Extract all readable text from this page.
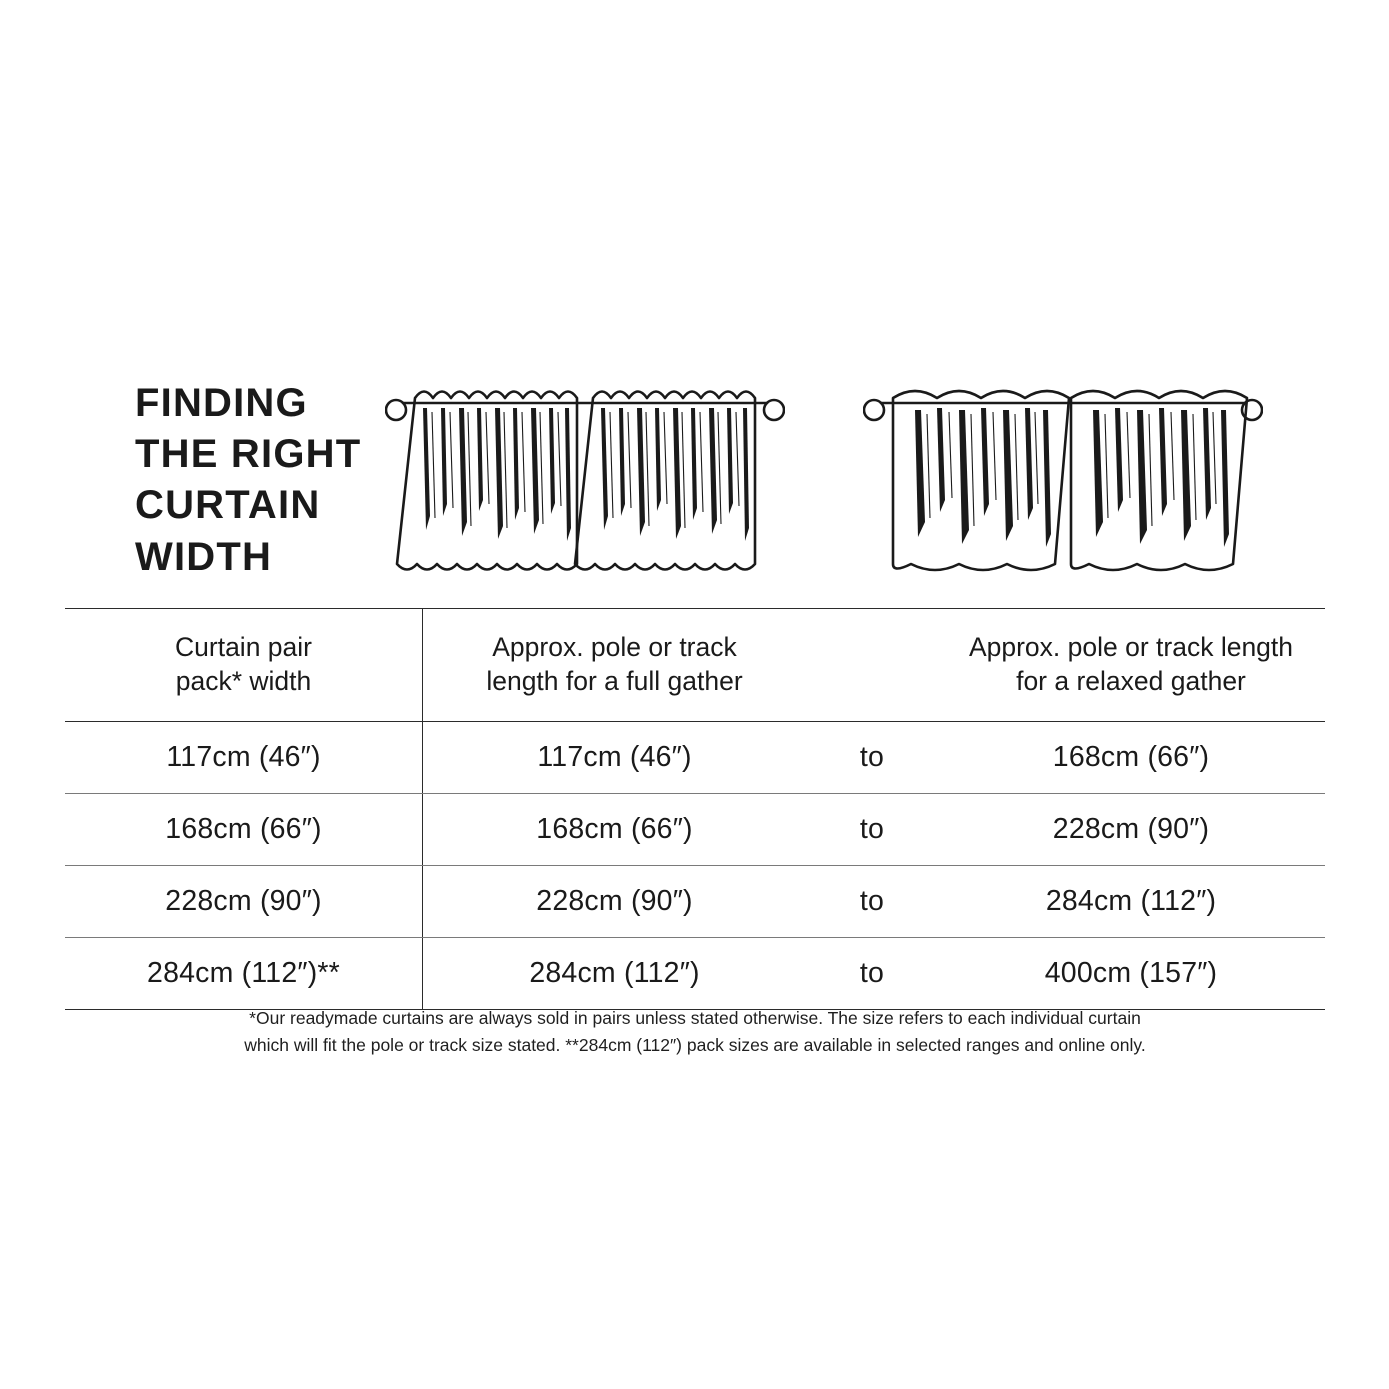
FINDING
THE RIGHT
CURTAIN
WIDTH
Curtain pair
pack* width
Approx. pole or track
length for a full gather
Approx. pole or track length
for a relaxed gather
117cm (46″)	117cm (46″)	to	168cm (66″)
168cm (66″)	168cm (66″)	to	228cm (90″)
228cm (90″)	228cm (90″)	to	284cm (112″)
284cm (112″)**	284cm (112″)	to	400cm (157″)

*Our readymade curtains are always sold in pairs unless stated otherwise. The size refers to each individual curtain

which will fit the pole or track size stated. **284cm (112″) pack sizes are available in selected ranges and online only.
